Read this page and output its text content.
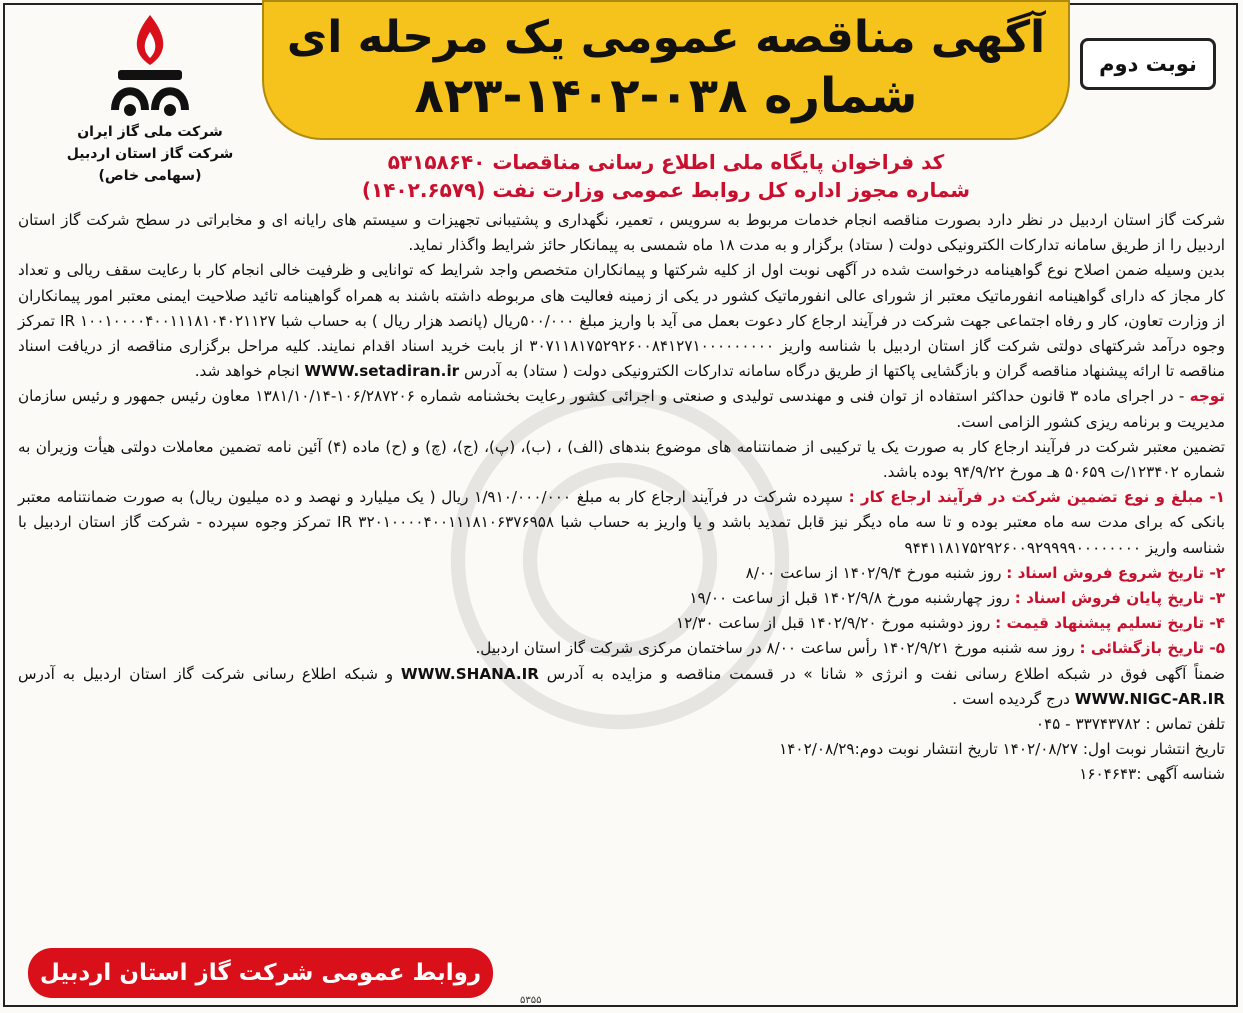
شرکت ملی گاز ایران
شرکت گاز استان اردبیل
(سهامی خاص)
آگهی مناقصه عمومی یک مرحله ای
شماره ۰۳۸-۱۴۰۲-۸۲۳
نوبت دوم
کد فراخوان پایگاه ملی اطلاع رسانی مناقصات ۵۳۱۵۸۶۴۰
شماره مجوز اداره کل روابط عمومی وزارت نفت (۱۴۰۲.۶۵۷۹)

شرکت گاز استان اردبیل در نظر دارد بصورت مناقصه انجام خدمات مربوط به سرویس ، تعمیر، نگهداری و پشتیبانی تجهیزات و سیستم های رایانه ای و مخابراتی در سطح شرکت گاز استان اردبیل را از طریق سامانه تدارکات الکترونیکی دولت ( ستاد) برگزار و به مدت ۱۸ ماه شمسی به پیمانکار حائز شرایط واگذار نماید.

بدین وسیله ضمن اصلاح نوع گواهینامه درخواست شده در آگهی نوبت اول از کلیه شرکتها و پیمانکاران متخصص واجد شرایط که توانایی و ظرفیت خالی انجام کار با رعایت سقف ریالی و تعداد کار مجاز که دارای گواهینامه انفورماتیک معتبر از شورای عالی انفورماتیک کشور در یکی از زمینه فعالیت های مربوطه داشته باشند به همراه گواهینامه تائید صلاحیت ایمنی معتبر امور پیمانکاران از وزارت تعاون، کار و رفاه اجتماعی جهت شرکت در فرآیند ارجاع کار دعوت بعمل می آید با واریز مبلغ ۵۰۰/۰۰۰ریال (پانصد هزار ریال ) به حساب شبا IR ۱۰۰۱۰۰۰۰۴۰۰۱۱۱۸۱۰۴۰۲۱۱۲۷ تمرکز وجوه درآمد شرکتهای دولتی شرکت گاز استان اردبیل با شناسه واریز ۳۰۷۱۱۸۱۷۵۲۹۲۶۰۰۸۴۱۲۷۱۰۰۰۰۰۰۰۰۰ از بابت خرید اسناد اقدام نمایند. کلیه مراحل برگزاری مناقصه از دریافت اسناد مناقصه تا ارائه پیشنهاد مناقصه گران و بازگشایی پاکتها از طریق درگاه سامانه تدارکات الکترونیکی دولت ( ستاد) به آدرس WWW.setadiran.ir انجام خواهد شد.

توجه - در اجرای ماده ۳ قانون حداکثر استفاده از توان فنی و مهندسی تولیدی و صنعتی و اجرائی کشور رعایت بخشنامه شماره ۱۰۶/۲۸۷۲۰۶-۱۳۸۱/۱۰/۱۴ معاون رئیس جمهور و رئیس سازمان مدیریت و برنامه ریزی کشور الزامی است.

تضمین معتبر شرکت در فرآیند ارجاع کار به صورت یک یا ترکیبی از ضمانتنامه های موضوع بندهای (الف) ، (ب)، (پ)، (ج)، (چ) و (ح) ماده (۴) آئین نامه تضمین معاملات دولتی هیأت وزیران به شماره ۱۲۳۴۰۲/ت ۵۰۶۵۹ هـ مورخ ۹۴/۹/۲۲ بوده باشد.

۱- مبلغ و نوع تضمین شرکت در فرآیند ارجاع کار : سپرده شرکت در فرآیند ارجاع کار به مبلغ ۱/۹۱۰/۰۰۰/۰۰۰ ریال ( یک میلیارد و نهصد و ده میلیون ریال) به صورت ضمانتنامه معتبر بانکی که برای مدت سه ماه معتبر بوده و تا سه ماه دیگر نیز قابل تمدید باشد و یا واریز به حساب شبا IR ۳۲۰۱۰۰۰۰۴۰۰۱۱۱۸۱۰۶۳۷۶۹۵۸ تمرکز وجوه سپرده - شرکت گاز استان اردبیل با شناسه واریز ۹۴۴۱۱۸۱۷۵۲۹۲۶۰۰۹۲۹۹۹۹۰۰۰۰۰۰۰۰

۲- تاریخ شروع فروش اسناد : روز شنبه مورخ ۱۴۰۲/۹/۴ از ساعت ۸/۰۰

۳- تاریخ پایان فروش اسناد : روز چهارشنبه مورخ ۱۴۰۲/۹/۸ قبل از ساعت ۱۹/۰۰

۴- تاریخ تسلیم پیشنهاد قیمت : روز دوشنبه مورخ ۱۴۰۲/۹/۲۰ قبل از ساعت ۱۲/۳۰

۵- تاریخ بازگشائی : روز سه شنبه مورخ ۱۴۰۲/۹/۲۱ رأس ساعت ۸/۰۰ در ساختمان مرکزی شرکت گاز استان اردبیل.

ضمناً آگهی فوق در شبکه اطلاع رسانی نفت و انرژی « شانا » در قسمت مناقصه و مزایده به آدرس WWW.SHANA.IR و شبکه اطلاع رسانی شرکت گاز استان اردبیل به آدرس WWW.NIGC-AR.IR درج گردیده است .

تلفن تماس : ۳۳۷۴۳۷۸۲ - ۰۴۵

تاریخ انتشار نوبت اول: ۱۴۰۲/۰۸/۲۷ تاریخ انتشار نوبت دوم:۱۴۰۲/۰۸/۲۹

شناسه آگهی :۱۶۰۴۶۴۳

روابط عمومی شرکت گاز استان اردبیل
۵۳۵۵
